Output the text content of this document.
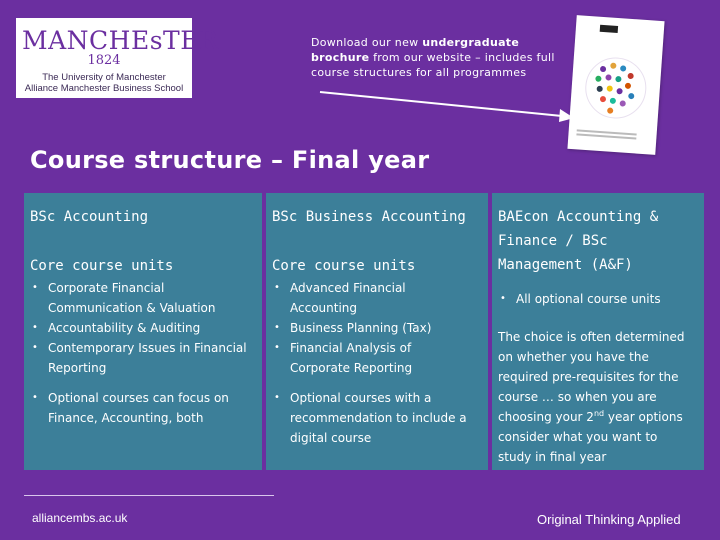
MANCHEsTER
1824
The University of Manchester
Alliance Manchester Business School
Download our new undergraduate brochure from our website – includes full course structures for all programmes
Course structure – Final year
BSc Accounting
Core course units
• Corporate Financial Communication & Valuation
• Accountability & Auditing
• Contemporary Issues in Financial Reporting
• Optional courses can focus on Finance, Accounting, both
BSc Business Accounting
Core course units
• Advanced Financial Accounting
• Business Planning (Tax)
• Financial Analysis of Corporate Reporting
• Optional courses with a recommendation to include a digital course
BAEcon Accounting & Finance / BSc Management (A&F)
• All optional course units

The choice is often determined on whether you have the required pre-requisites for the course … so when you are choosing your 2nd year options consider what you want to study in final year

alliancembs.ac.uk	Original Thinking Applied
